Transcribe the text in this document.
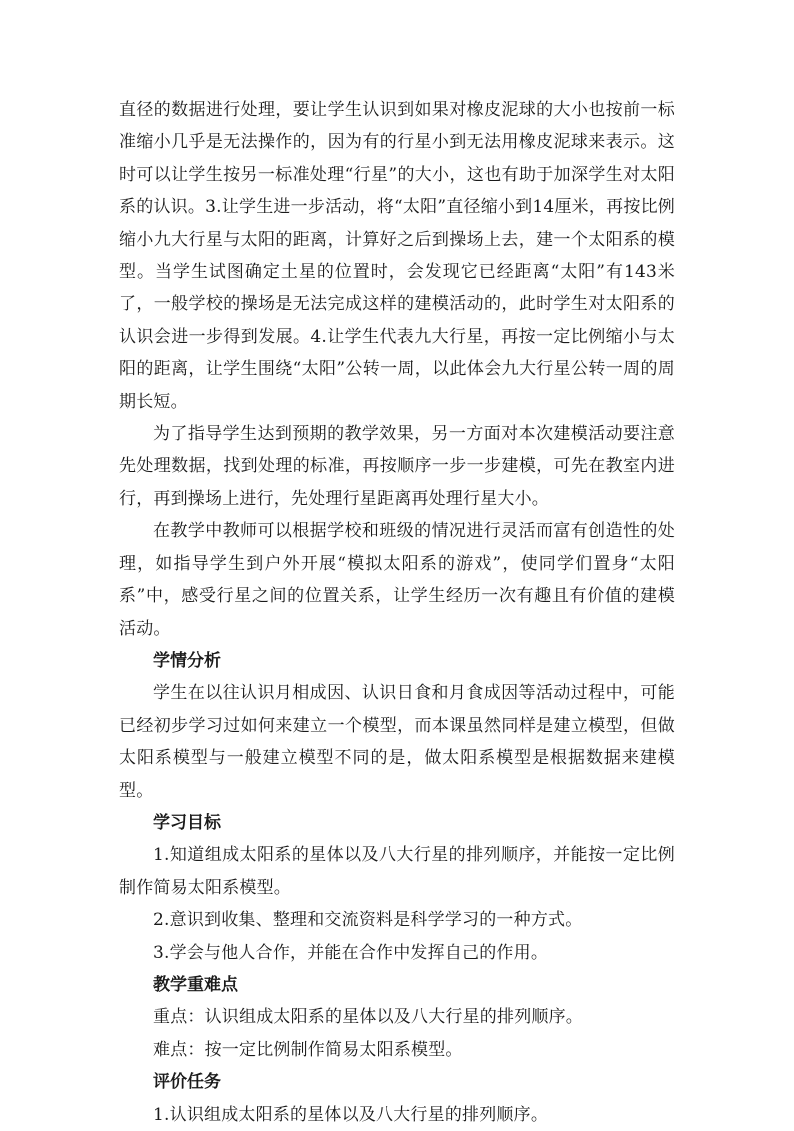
直径的数据进行处理，要让学生认识到如果对橡皮泥球的大小也按前一标准缩小几乎是无法操作的，因为有的行星小到无法用橡皮泥球来表示。这时可以让学生按另一标准处理“行星”的大小，这也有助于加深学生对太阳系的认识。3.让学生进一步活动，将“太阳”直径缩小到14厘米，再按比例缩小九大行星与太阳的距离，计算好之后到操场上去，建一个太阳系的模型。当学生试图确定土星的位置时，会发现它已经距离“太阳”有143米了，一般学校的操场是无法完成这样的建模活动的，此时学生对太阳系的认识会进一步得到发展。4.让学生代表九大行星，再按一定比例缩小与太阳的距离，让学生围绕“太阳”公转一周，以此体会九大行星公转一周的周期长短。

为了指导学生达到预期的教学效果，另一方面对本次建模活动要注意先处理数据，找到处理的标准，再按顺序一步一步建模，可先在教室内进行，再到操场上进行，先处理行星距离再处理行星大小。

在教学中教师可以根据学校和班级的情况进行灵活而富有创造性的处理，如指导学生到户外开展“模拟太阳系的游戏”，使同学们置身“太阳系”中，感受行星之间的位置关系，让学生经历一次有趣且有价值的建模活动。

学情分析

学生在以往认识月相成因、认识日食和月食成因等活动过程中，可能已经初步学习过如何来建立一个模型，而本课虽然同样是建立模型，但做太阳系模型与一般建立模型不同的是，做太阳系模型是根据数据来建模型。

学习目标

1.知道组成太阳系的星体以及八大行星的排列顺序，并能按一定比例制作简易太阳系模型。

2.意识到收集、整理和交流资料是科学学习的一种方式。

3.学会与他人合作，并能在合作中发挥自己的作用。

教学重难点

重点：认识组成太阳系的星体以及八大行星的排列顺序。

难点：按一定比例制作简易太阳系模型。

评价任务

1.认识组成太阳系的星体以及八大行星的排列顺序。
